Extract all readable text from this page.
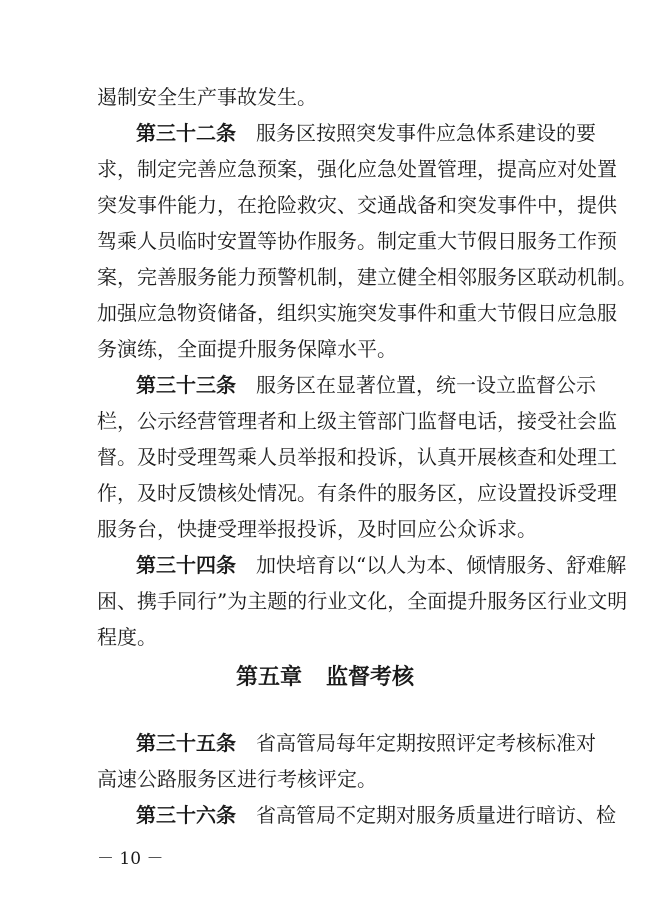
遏制安全生产事故发生。
第三十二条 服务区按照突发事件应急体系建设的要
求，制定完善应急预案，强化应急处置管理，提高应对处置
突发事件能力，在抢险救灾、交通战备和突发事件中，提供
驾乘人员临时安置等协作服务。制定重大节假日服务工作预
案，完善服务能力预警机制，建立健全相邻服务区联动机制。
加强应急物资储备，组织实施突发事件和重大节假日应急服
务演练，全面提升服务保障水平。
第三十三条 服务区在显著位置，统一设立监督公示
栏，公示经营管理者和上级主管部门监督电话，接受社会监
督。及时受理驾乘人员举报和投诉，认真开展核查和处理工
作，及时反馈核处情况。有条件的服务区，应设置投诉受理
服务台，快捷受理举报投诉，及时回应公众诉求。
第三十四条 加快培育以“以人为本、倾情服务、舒难解
困、携手同行”为主题的行业文化，全面提升服务区行业文明
程度。
第五章 监督考核
第三十五条 省高管局每年定期按照评定考核标准对
高速公路服务区进行考核评定。
第三十六条 省高管局不定期对服务质量进行暗访、检
－ 10 －
